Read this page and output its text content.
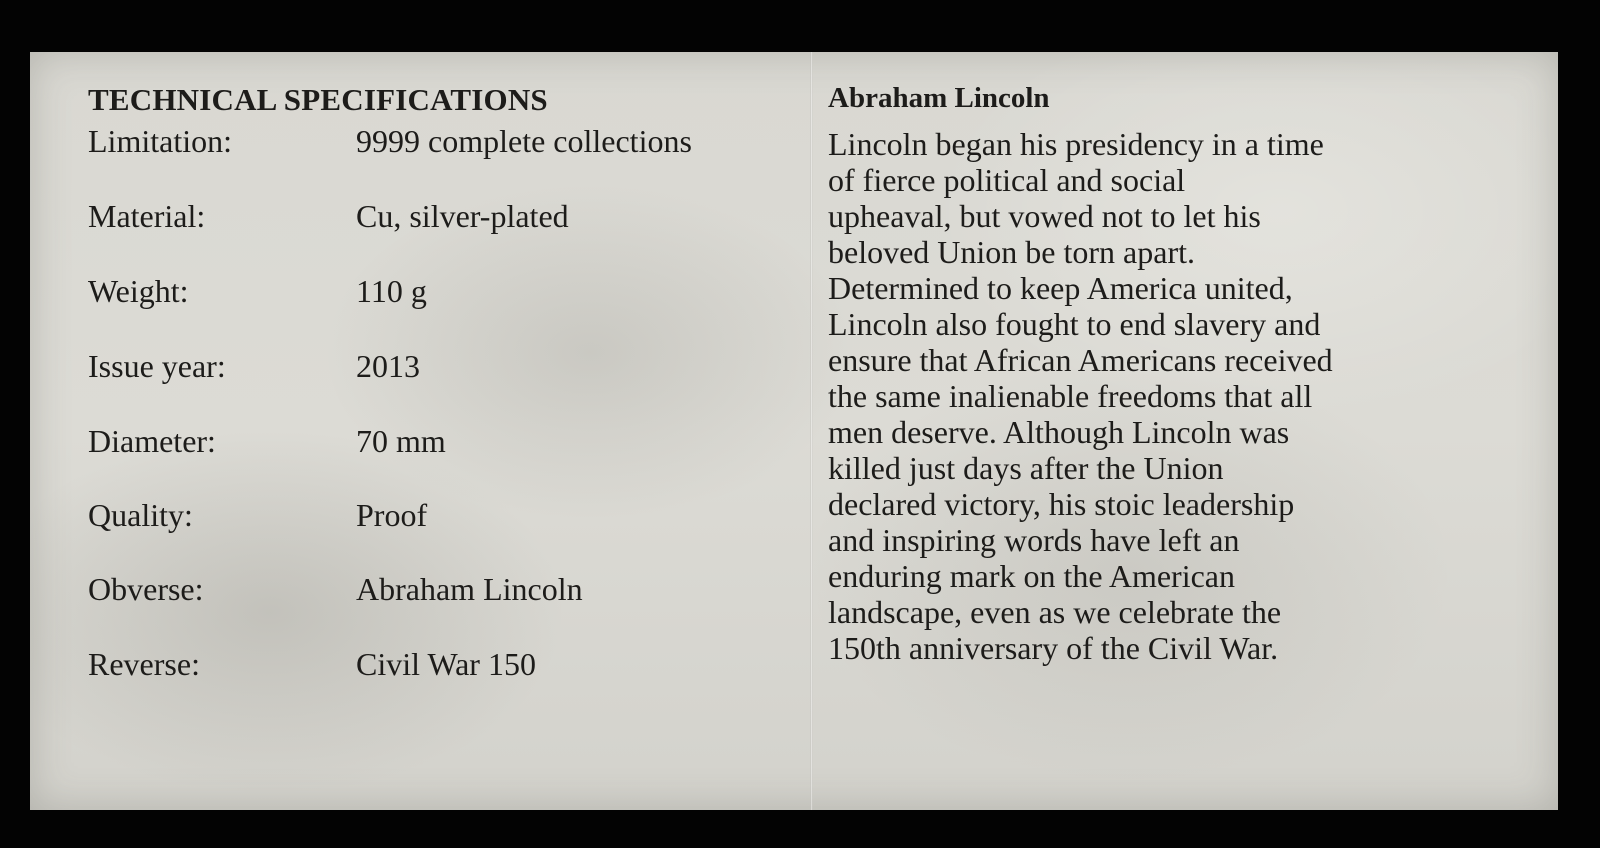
TECHNICAL SPECIFICATIONS
Limitation:	9999 complete collections
Material:	Cu, silver-plated
Weight:	110 g
Issue year:	2013
Diameter:	70 mm
Quality:	Proof
Obverse:	Abraham Lincoln
Reverse:	Civil War 150
Abraham Lincoln
Lincoln began his presidency in a time
of fierce political and social
upheaval, but vowed not to let his
beloved Union be torn apart.
Determined to keep America united,
Lincoln also fought to end slavery and
ensure that African Americans received
the same inalienable freedoms that all
men deserve. Although Lincoln was
killed just days after the Union
declared victory, his stoic leadership
and inspiring words have left an
enduring mark on the American
landscape, even as we celebrate the
150th anniversary of the Civil War.
